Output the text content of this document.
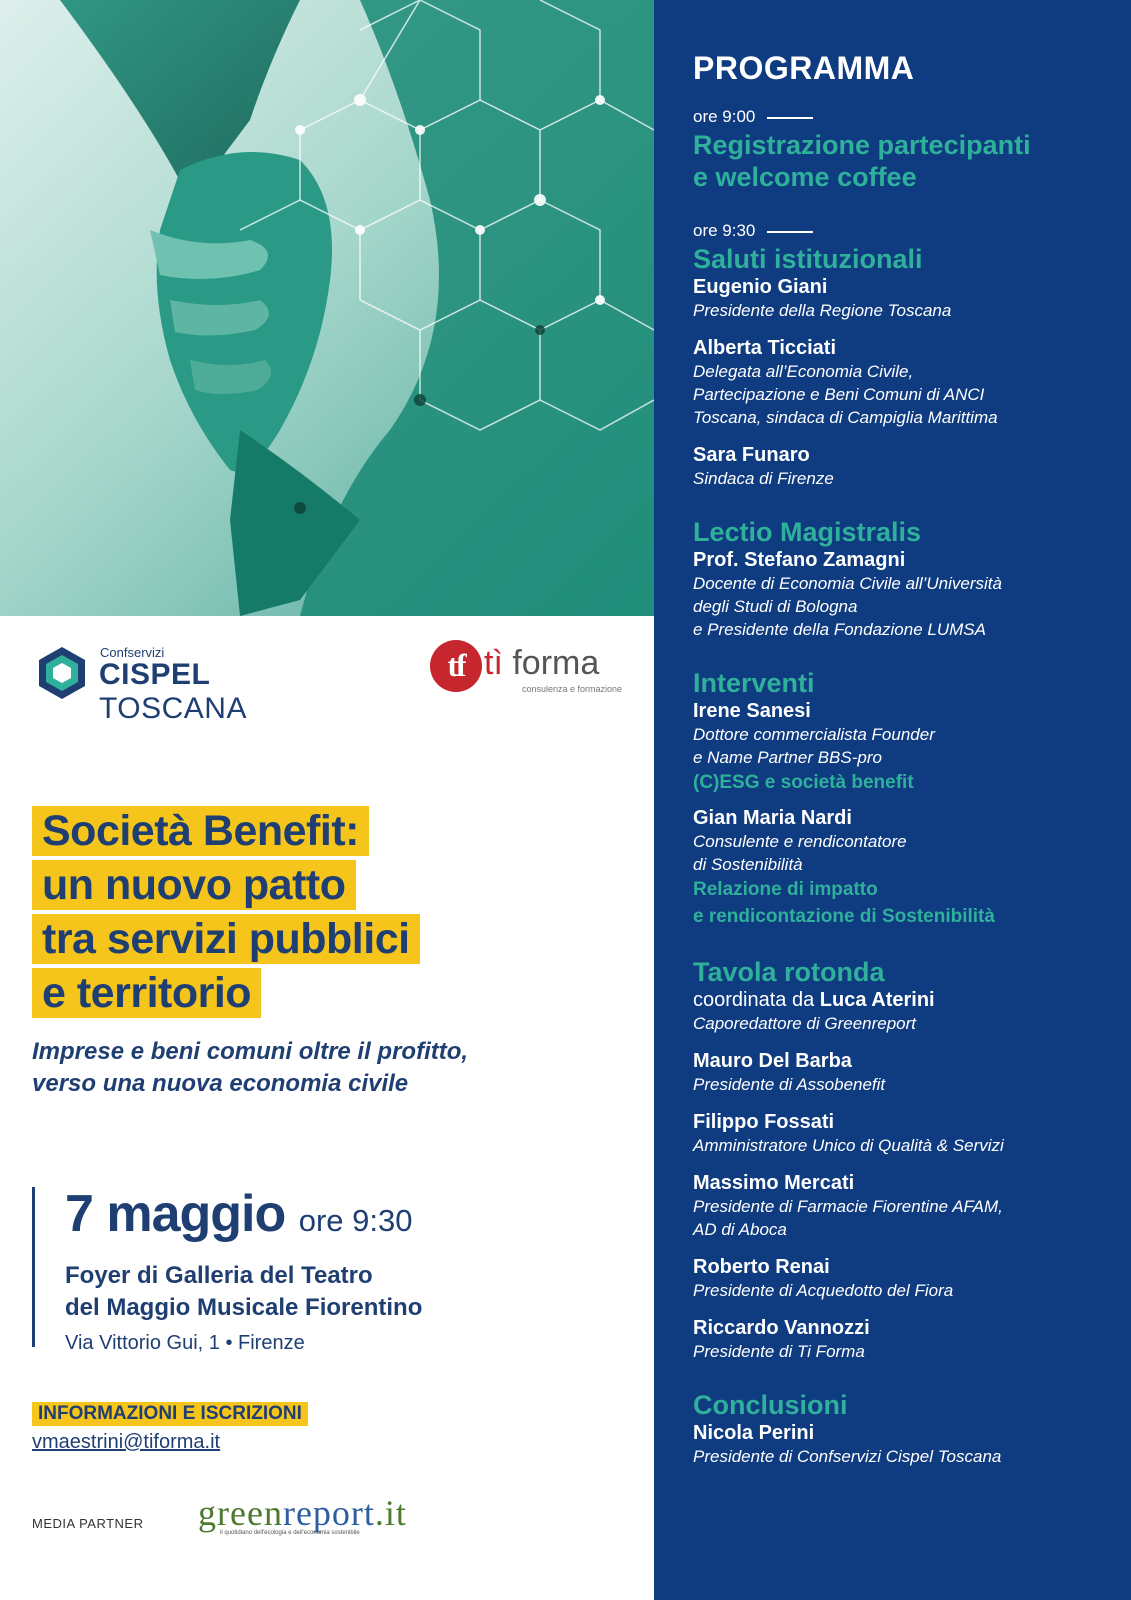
Confservizi
CISPEL TOSCANA
tf tì forma
consulenza e formazione
Società Benefit:
un nuovo patto
tra servizi pubblici
e territorio
Imprese e beni comuni oltre il profitto,
verso una nuova economia civile
7 maggio ore 9:30
Foyer di Galleria del Teatro
del Maggio Musicale Fiorentino
Via Vittorio Gui, 1 • Firenze
INFORMAZIONI E ISCRIZIONI
vmaestrini@tiforma.it
MEDIA PARTNER greenreport.it
il quotidiano dell'ecologia e dell'economia sostenibile
PROGRAMMA
ore 9:00
Registrazione partecipanti
e welcome coffee
ore 9:30
Saluti istituzionali
Eugenio Giani
Presidente della Regione Toscana
Alberta Ticciati
Delegata all’Economia Civile,
Partecipazione e Beni Comuni di ANCI
Toscana, sindaca di Campiglia Marittima
Sara Funaro
Sindaca di Firenze
Lectio Magistralis
Prof. Stefano Zamagni
Docente di Economia Civile all’Università
degli Studi di Bologna
e Presidente della Fondazione LUMSA
Interventi
Irene Sanesi
Dottore commercialista Founder
e Name Partner BBS-pro
(C)ESG e società benefit
Gian Maria Nardi
Consulente e rendicontatore
di Sostenibilità
Relazione di impatto
e rendicontazione di Sostenibilità
Tavola rotonda
coordinata da Luca Aterini
Caporedattore di Greenreport
Mauro Del Barba
Presidente di Assobenefit
Filippo Fossati
Amministratore Unico di Qualità & Servizi
Massimo Mercati
Presidente di Farmacie Fiorentine AFAM,
AD di Aboca
Roberto Renai
Presidente di Acquedotto del Fiora
Riccardo Vannozzi
Presidente di Ti Forma
Conclusioni
Nicola Perini
Presidente di Confservizi Cispel Toscana
